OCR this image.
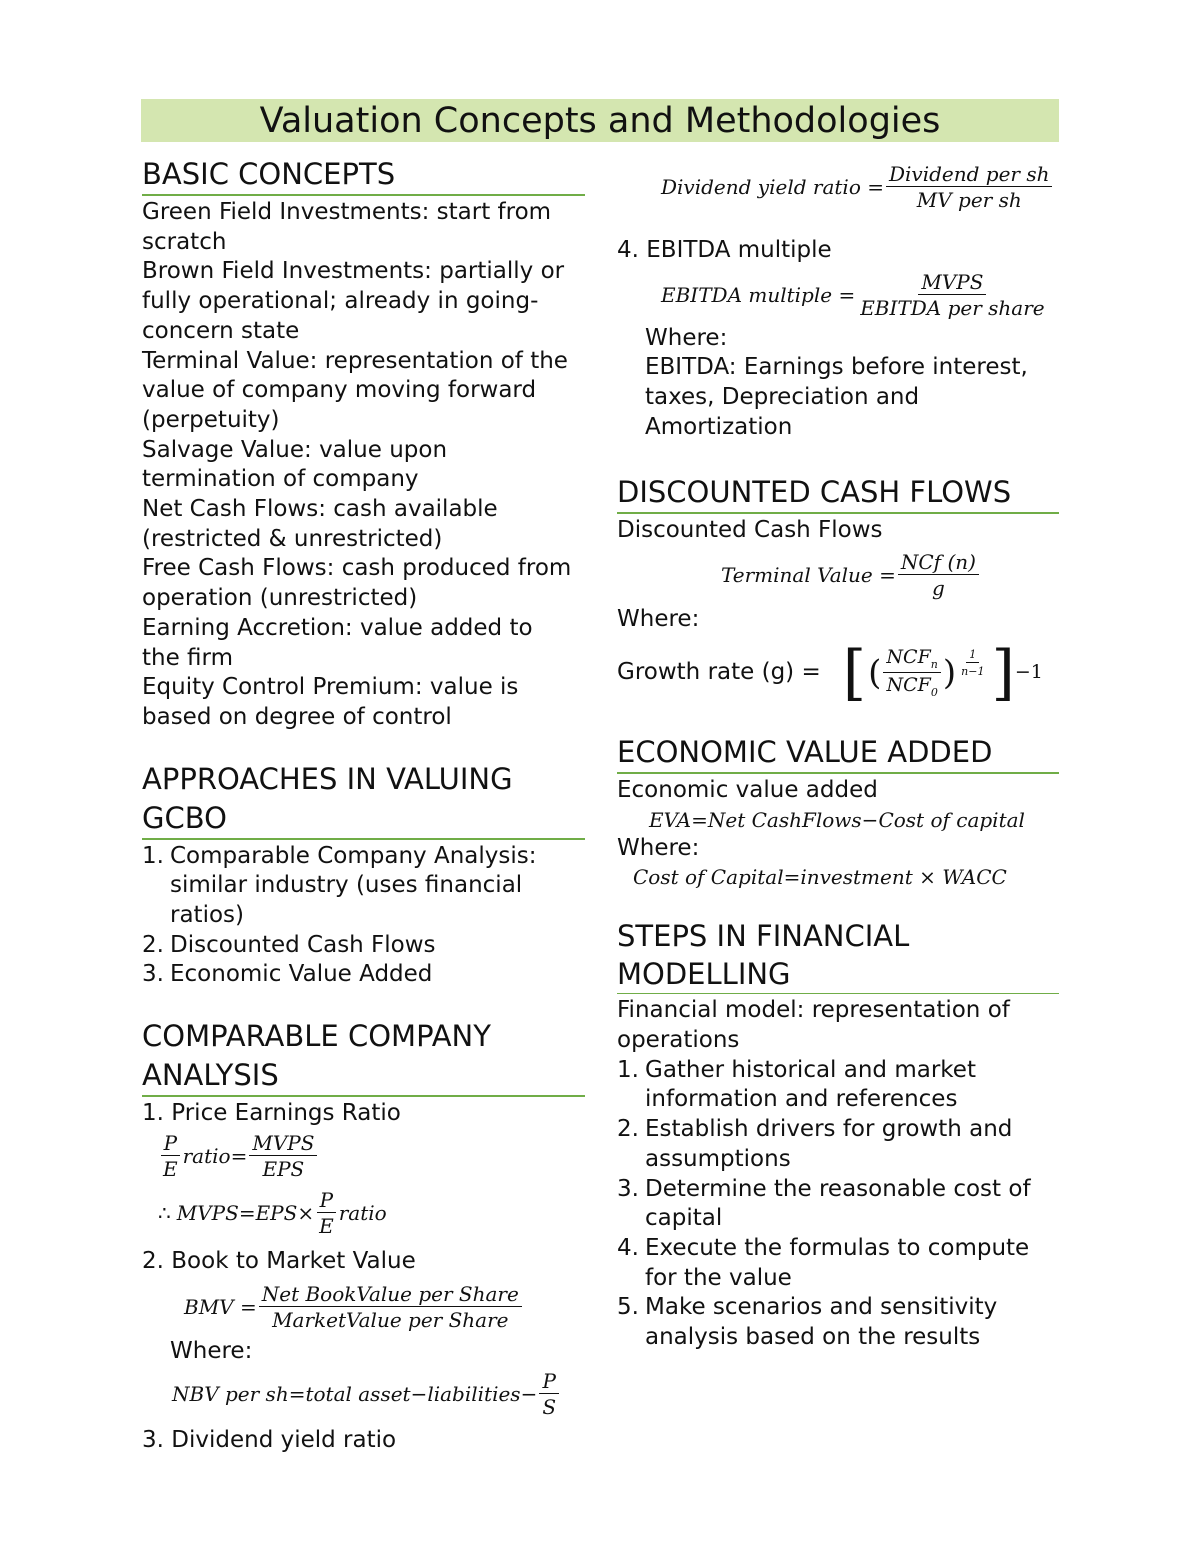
Valuation Concepts and Methodologies
BASIC CONCEPTS
Green Field Investments: start from
scratch
Brown Field Investments: partially or
fully operational; already in going-
concern state
Terminal Value: representation of the
value of company moving forward
(perpetuity)
Salvage Value: value upon
termination of company
Net Cash Flows: cash available
(restricted & unrestricted)
Free Cash Flows: cash produced from
operation (unrestricted)
Earning Accretion: value added to
the firm
Equity Control Premium: value is
based on degree of control
APPROACHES IN VALUING
GCBO
1. Comparable Company Analysis:
similar industry (uses financial
ratios)
2. Discounted Cash Flows
3. Economic Value Added
COMPARABLE COMPANY
ANALYSIS
1. Price Earnings Ratio
$\frac{P}{E}$ ratio = $\frac{\text{MVPS}}{\text{EPS}}$
∴ MVPS=EPS× $\frac{P}{E}$ ratio
2. Book to Market Value
BMV = $\frac{\text{Net BookValue per Share}}{\text{MarketValue per Share}}$
Where:
NBV per sh=total asset−liabilities− $\frac{P}{S}$
3. Dividend yield ratio
Dividend yield ratio = $\frac{\text{Dividend per sh}}{\text{MV per sh}}$
4. EBITDA multiple
EBITDA multiple = $\frac{\text{MVPS}}{\text{EBITDA per share}}$
Where:
EBITDA: Earnings before interest,
taxes, Depreciation and
Amortization
DISCOUNTED CASH FLOWS
Discounted Cash Flows
Terminal Value = $\frac{\text{NCf (n)}}{g}$
Where:
Growth rate (g) = [ ( $\frac{NCF_n}{NCF_0}$ ) $\frac{1}{n-1}$ ] −1
ECONOMIC VALUE ADDED
Economic value added
EVA=Net CashFlows−Cost of capital
Where:
Cost of Capital=investment × WACC
STEPS IN FINANCIAL
MODELLING
Financial model: representation of
operations
1. Gather historical and market
information and references
2. Establish drivers for growth and
assumptions
3. Determine the reasonable cost of
capital
4. Execute the formulas to compute
for the value
5. Make scenarios and sensitivity
analysis based on the results
